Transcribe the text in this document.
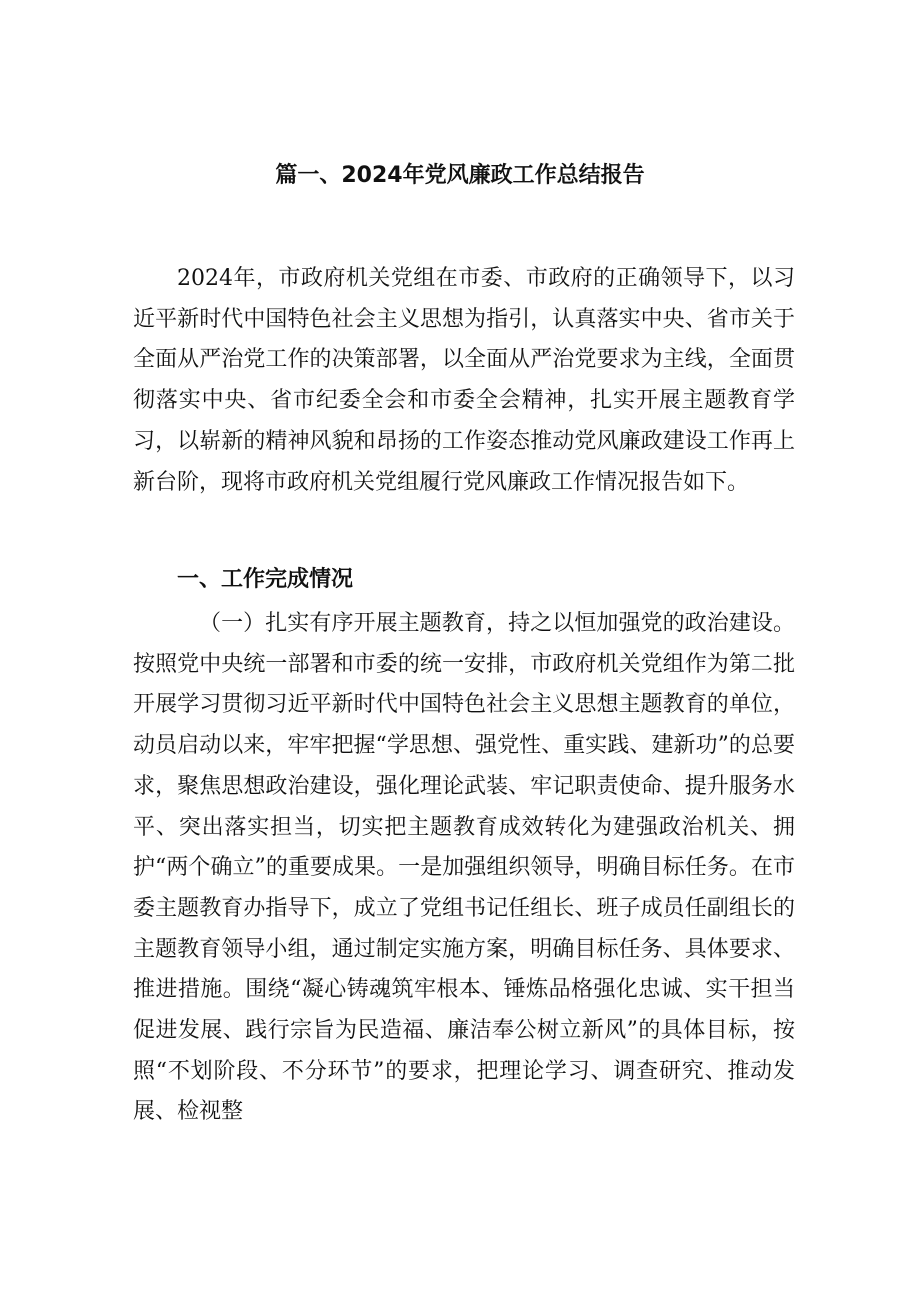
篇一、2024年党风廉政工作总结报告

2024年，市政府机关党组在市委、市政府的正确领导下，以习近平新时代中国特色社会主义思想为指引，认真落实中央、省市关于全面从严治党工作的决策部署，以全面从严治党要求为主线，全面贯彻落实中央、省市纪委全会和市委全会精神，扎实开展主题教育学习，以崭新的精神风貌和昂扬的工作姿态推动党风廉政建设工作再上新台阶，现将市政府机关党组履行党风廉政工作情况报告如下。

一、工作完成情况

（一）扎实有序开展主题教育，持之以恒加强党的政治建设。按照党中央统一部署和市委的统一安排，市政府机关党组作为第二批开展学习贯彻习近平新时代中国特色社会主义思想主题教育的单位，动员启动以来，牢牢把握“学思想、强党性、重实践、建新功”的总要求，聚焦思想政治建设，强化理论武装、牢记职责使命、提升服务水平、突出落实担当，切实把主题教育成效转化为建强政治机关、拥护“两个确立”的重要成果。一是加强组织领导，明确目标任务。在市委主题教育办指导下，成立了党组书记任组长、班子成员任副组长的主题教育领导小组，通过制定实施方案，明确目标任务、具体要求、推进措施。围绕“凝心铸魂筑牢根本、锤炼品格强化忠诚、实干担当促进发展、践行宗旨为民造福、廉洁奉公树立新风”的具体目标，按照“不划阶段、不分环节”的要求，把理论学习、调查研究、推动发展、检视整
